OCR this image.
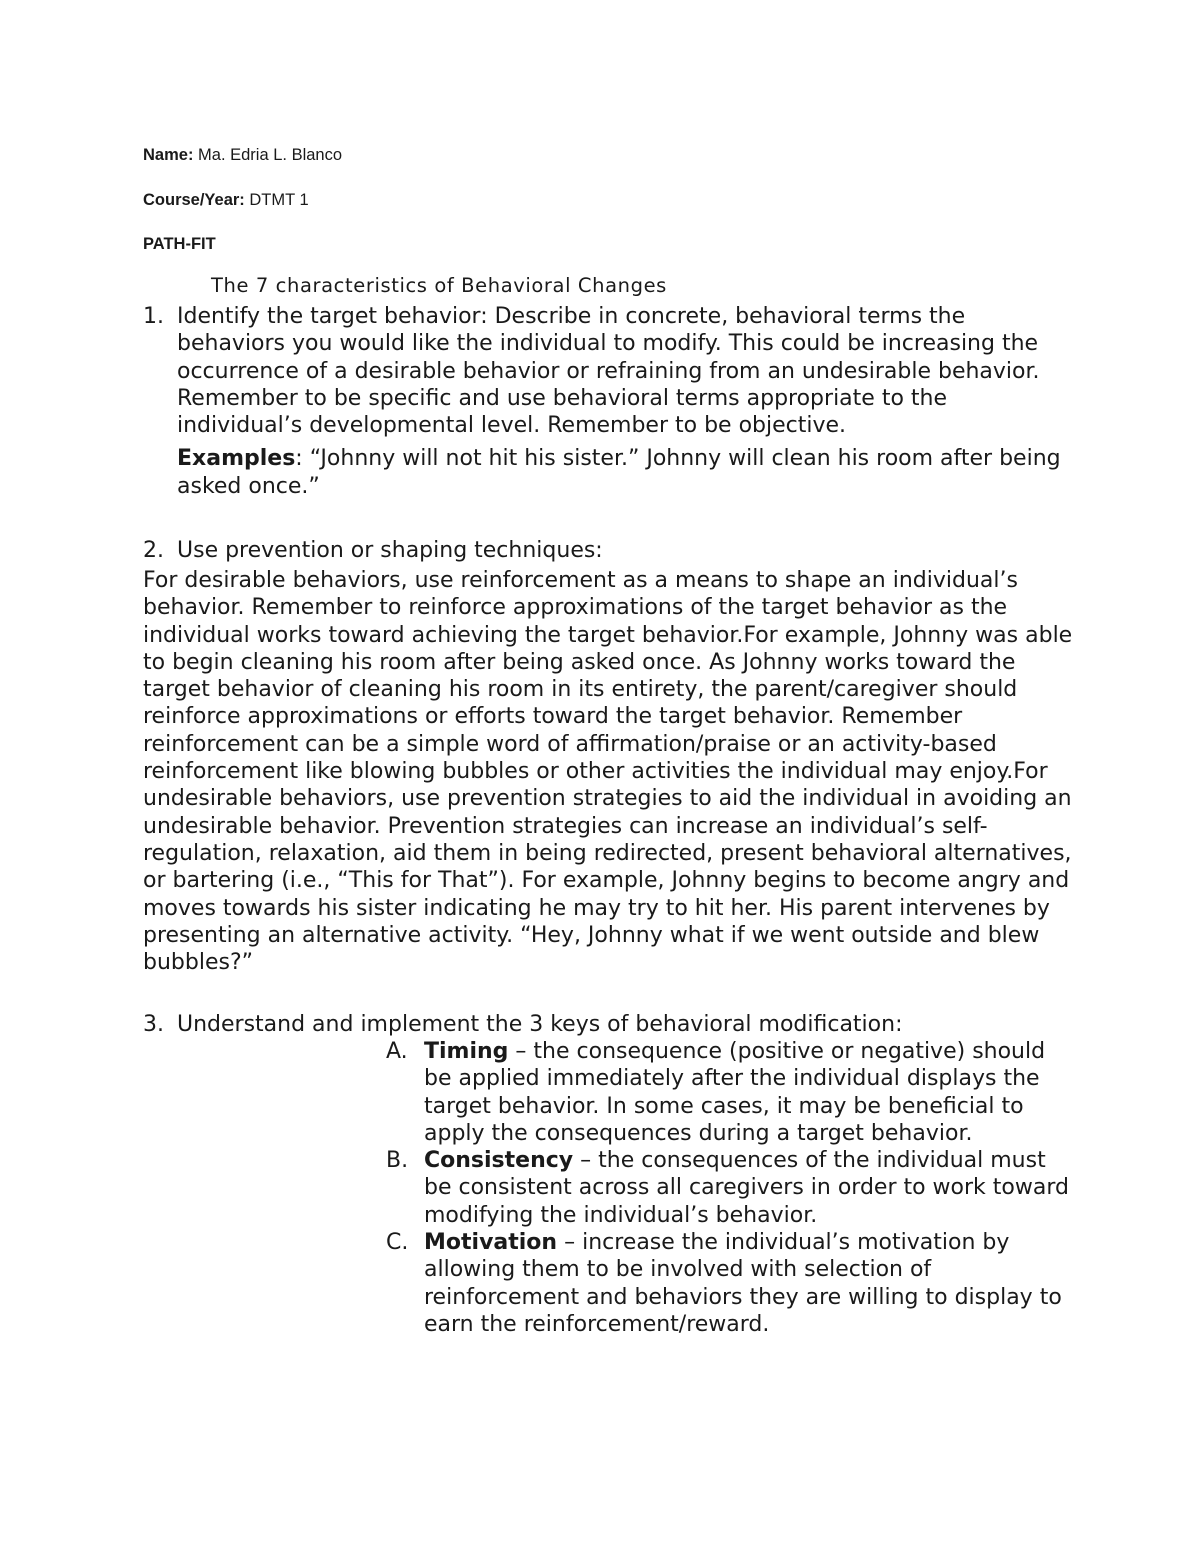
Name: Ma. Edria L. Blanco
Course/Year: DTMT 1
PATH-FIT
The 7 characteristics of Behavioral Changes
1. Identify the target behavior: Describe in concrete, behavioral terms the behaviors you would like the individual to modify. This could be increasing the occurrence of a desirable behavior or refraining from an undesirable behavior. Remember to be specific and use behavioral terms appropriate to the individual’s developmental level. Remember to be objective.
Examples: “Johnny will not hit his sister.” Johnny will clean his room after being asked once.”
2. Use prevention or shaping techniques:
For desirable behaviors, use reinforcement as a means to shape an individual’s behavior. Remember to reinforce approximations of the target behavior as the individual works toward achieving the target behavior.For example, Johnny was able to begin cleaning his room after being asked once. As Johnny works toward the target behavior of cleaning his room in its entirety, the parent/caregiver should reinforce approximations or efforts toward the target behavior. Remember reinforcement can be a simple word of affirmation/praise or an activity-based reinforcement like blowing bubbles or other activities the individual may enjoy.For undesirable behaviors, use prevention strategies to aid the individual in avoiding an undesirable behavior. Prevention strategies can increase an individual’s self-regulation, relaxation, aid them in being redirected, present behavioral alternatives, or bartering (i.e., “This for That”). For example, Johnny begins to become angry and moves towards his sister indicating he may try to hit her. His parent intervenes by presenting an alternative activity. “Hey, Johnny what if we went outside and blew bubbles?”
3. Understand and implement the 3 keys of behavioral modification:
A. Timing – the consequence (positive or negative) should be applied immediately after the individual displays the target behavior. In some cases, it may be beneficial to apply the consequences during a target behavior.
B. Consistency – the consequences of the individual must be consistent across all caregivers in order to work toward modifying the individual’s behavior.
C. Motivation – increase the individual’s motivation by allowing them to be involved with selection of reinforcement and behaviors they are willing to display to earn the reinforcement/reward.
